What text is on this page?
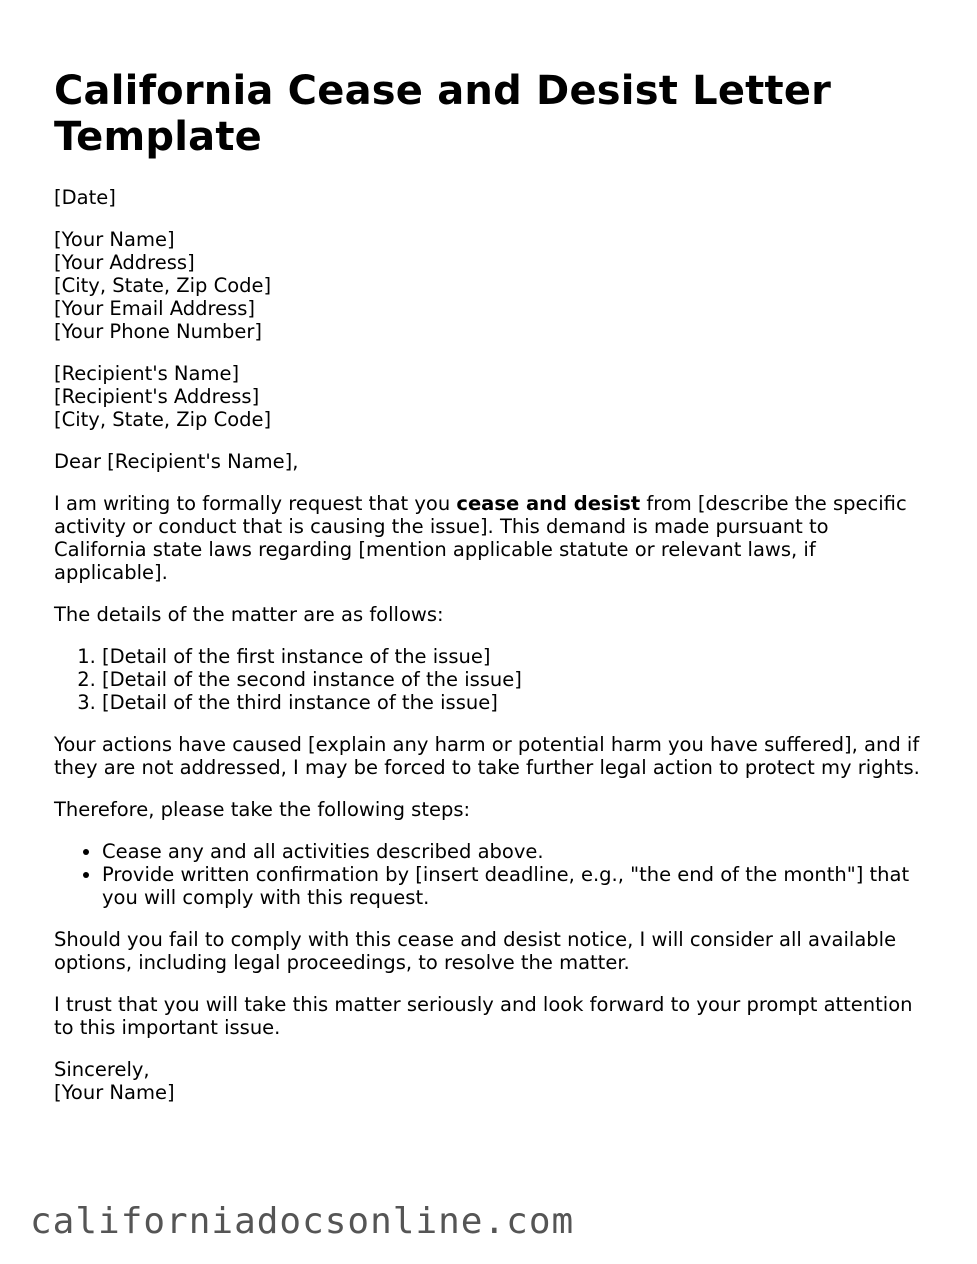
California Cease and Desist Letter Template

[Date]

[Your Name]
[Your Address]
[City, State, Zip Code]
[Your Email Address]
[Your Phone Number]
[Recipient's Name]
[Recipient's Address]
[City, State, Zip Code]

Dear [Recipient's Name],

I am writing to formally request that you cease and desist from [describe the specific activity or conduct that is causing the issue]. This demand is made pursuant to California state laws regarding [mention applicable statute or relevant laws, if applicable].

The details of the matter are as follows:

1. [Detail of the first instance of the issue]
2. [Detail of the second instance of the issue]
3. [Detail of the third instance of the issue]

Your actions have caused [explain any harm or potential harm you have suffered], and if they are not addressed, I may be forced to take further legal action to protect my rights.

Therefore, please take the following steps:

• Cease any and all activities described above.
• Provide written confirmation by [insert deadline, e.g., "the end of the month"] that you will comply with this request.

Should you fail to comply with this cease and desist notice, I will consider all available options, including legal proceedings, to resolve the matter.

I trust that you will take this matter seriously and look forward to your prompt attention to this important issue.

Sincerely,
[Your Name]
californiadocsonline.com
